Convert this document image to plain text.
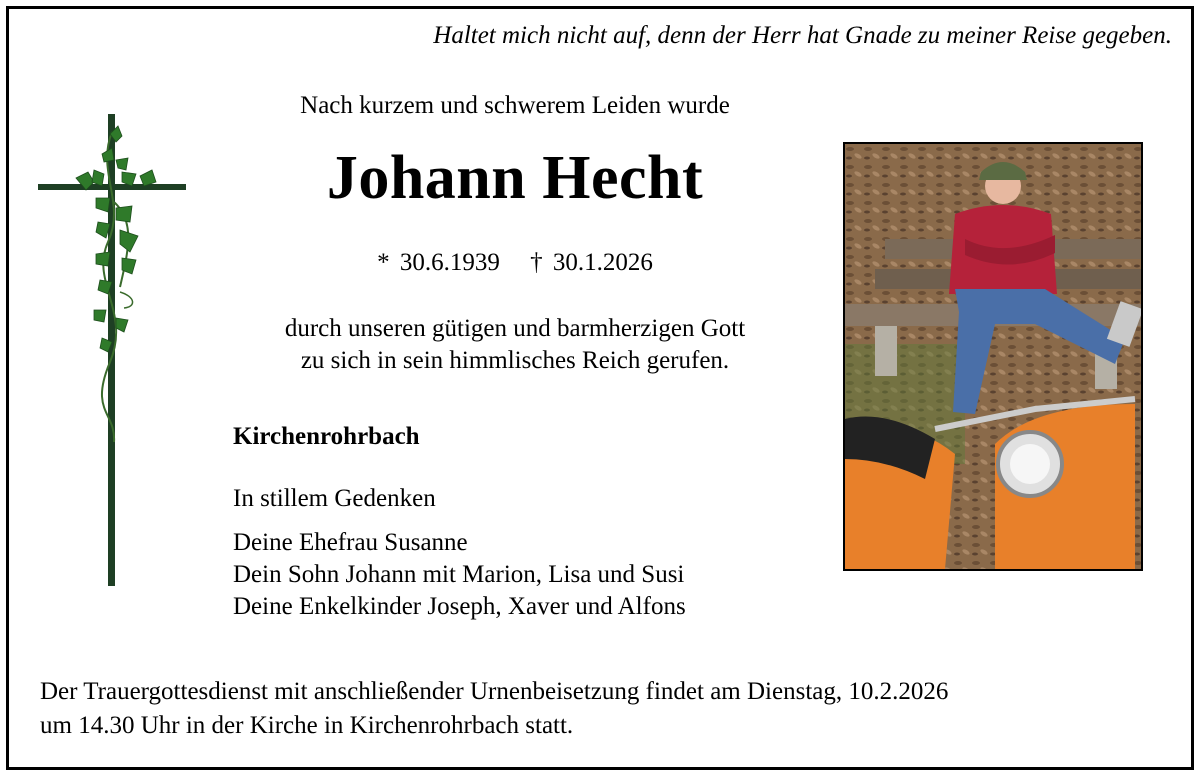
Haltet mich nicht auf, denn der Herr hat Gnade zu meiner Reise gegeben.
Nach kurzem und schwerem Leiden wurde
Johann Hecht
* 30.6.1939 † 30.1.2026
durch unseren gütigen und barmherzigen Gott
zu sich in sein himmlisches Reich gerufen.
Kirchenrohrbach
In stillem Gedenken
Deine Ehefrau Susanne
Dein Sohn Johann mit Marion, Lisa und Susi
Deine Enkelkinder Joseph, Xaver und Alfons
Der Trauergottesdienst mit anschließender Urnenbeisetzung findet am Dienstag, 10.2.2026
um 14.30 Uhr in der Kirche in Kirchenrohrbach statt.
